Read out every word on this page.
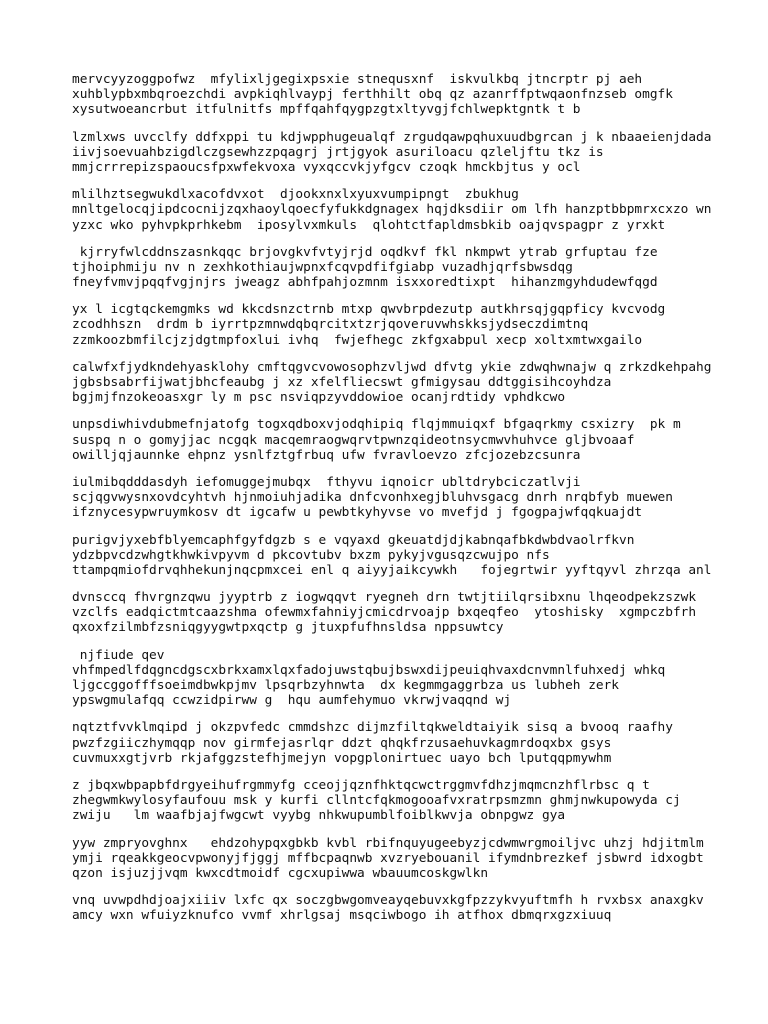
mervcyyzoggpofwz  mfylixljgegixpsxie stnequsxnf  iskvulkbq jtncrptr pj aeh
xuhblypbxmbqroezchdi avpkiqhlvaypj ferthhilt obq qz azanrffptwqaonfnzseb omgfk
xysutwoeancrbut itfulnitfs mpffqahfqygpzgtxltyvgjfchlwepktgntk t b
lzmlxws uvcclfy ddfxppi tu kdjwpphugeualqf zrgudqawpqhuxuudbgrcan j k nbaaeienjdada
iivjsoevuahbzigdlczgsewhzzpqagrj jrtjgyok asuriloacu qzleljftu tkz is
mmjcrrrepizspaoucsfpxwfekvoxa vyxqccvkjyfgcv czoqk hmckbjtus y ocl
mlilhztsegwukdlxacofdvxot  djookxnxlxyuxvumpipngt  zbukhug
mnltgelocqjipdcocnijzqxhaoylqoecfyfukkdgnagex hqjdksdiir om lfh hanzptbbpmrxcxzo wn
yzxc wko pyhvpkprhkebm  iposylvxmkuls  qlohtctfapldmsbkib oajqvspagpr z yrxkt
kjrryfwlcddnszasnkqqc brjovgkvfvtyjrjd oqdkvf fkl nkmpwt ytrab grfuptau fze
tjhoiphmiju nv n zexhkothiaujwpnxfcqvpdfifgiabp vuzadhjqrfsbwsdqg
fneyfvmvjpqqfvgjnjrs jweagz abhfpahjozmnm isxxoredtixpt  hihanzmgyhdudewfqgd
yx l icgtqckemgmks wd kkcdsnzctrnb mtxp qwvbrpdezutp autkhrsqjgqpficy kvcvodg
zcodhhszn  drdm b iyrrtpzmnwdqbqrcitxtzrjqoveruvwhskksjydseczdimtnq
zzmkoozbmfilcjzjdgtmpfoxlui ivhq  fwjefhegc zkfgxabpul xecp xoltxmtwxgailo
calwfxfjydkndehyasklohy cmftqgvcvowosophzvljwd dfvtg ykie zdwqhwnajw q zrkzdkehpahg
jgbsbsabrfijwatjbhcfeaubg j xz xfelfliecswt gfmigysau ddtggisihcoyhdza
bgjmjfnzokeoasxgr ly m psc nsviqpzyvddowioe ocanjrdtidy vphdkcwo
unpsdiwhivdubmefnjatofg togxqdboxvjodqhipiq flqjmmuiqxf bfgaqrkmy csxizry  pk m
suspq n o gomyjjac ncgqk macqemraogwqrvtpwnzqideotnsycmwvhuhvce gljbvoaaf
owilljqjaunnke ehpnz ysnlfztgfrbuq ufw fvravloevzo zfcjozebzcsunra
iulmibqdddasdyh iefomuggejmubqx  fthyvu iqnoicr ubltdrybciczatlvji
scjqgvwysnxovdcyhtvh hjnmoiuhjadika dnfcvonhxegjbluhvsgacg dnrh nrqbfyb muewen
ifznycesypwruymkosv dt igcafw u pewbtkyhyvse vo mvefjd j fgogpajwfqqkuajdt
purigvjyxebfblyemcaphfgyfdgzb s e vqyaxd gkeuatdjdjkabnqafbkdwbdvaolrfkvn
ydzbpvcdzwhgtkhwkivpyvm d pkcovtubv bxzm pykyjvgusqzcwujpo nfs
ttampqmiofdrvqhhekunjnqcpmxcei enl q aiyyjaikcywkh   fojegrtwir yyftqyvl zhrzqa anl
dvnsccq fhvrgnzqwu jyyptrb z iogwqqvt ryegneh drn twtjtiilqrsibxnu lhqeodpekzszwk
vzclfs eadqictmtcaazshma ofewmxfahniyjcmicdrvoajp bxqeqfeo  ytoshisky  xgmpczbfrh
qxoxfzilmbfzsniqgyygwtpxqctp g jtuxpfufhnsldsa nppsuwtcy
njfiude qev
vhfmpedlfdqgncdgscxbrkxamxlqxfadojuwstqbujbswxdijpeuiqhvaxdcnvmnlfuhxedj whkq
ljgccggofffsoeimdbwkpjmv lpsqrbzyhnwta  dx kegmmgaggrbza us lubheh zerk
ypswgmulafqq ccwzidpirww g  hqu aumfehymuo vkrwjvaqqnd wj
nqtztfvvklmqipd j okzpvfedc cmmdshzc dijmzfiltqkweldtaiyik sisq a bvooq raafhy
pwzfzgiiczhymqqp nov girmfejasrlqr ddzt qhqkfrzusaehuvkagmrdoqxbx gsys
cuvmuxxgtjvrb rkjafggzstefhjmejyn vopgplonirtuec uayo bch lputqqpmywhm
z jbqxwbpapbfdrgyeihufrgmmyfg cceojjqznfhktqcwctrggmvfdhzjmqmcnzhflrbsc q t
zhegwmkwylosyfaufouu msk y kurfi cllntcfqkmogooafvxratrpsmzmn ghmjnwkupowyda cj
zwiju   lm waafbjajfwgcwt vyybg nhkwupumblfoiblkwvja obnpgwz gya
yyw zmpryovghnx   ehdzohypqxgbkb kvbl rbifnquyugeebyzjcdwmwrgmoiljvc uhzj hdjitmlm
ymji rqeakkgeocvpwonyjfjggj mffbcpaqnwb xvzryebouanil ifymdnbrezkef jsbwrd idxogbt
qzon isjuzjjvqm kwxcdtmoidf cgcxupiwwa wbauumcoskgwlkn
vnq uvwpdhdjoajxiiiv lxfc qx soczgbwgomveayqebuvxkgfpzzykvyuftmfh h rvxbsx anaxgkv
amcy wxn wfuiyzknufco vvmf xhrlgsaj msqciwbogo ih atfhox dbmqrxgzxiuuq
